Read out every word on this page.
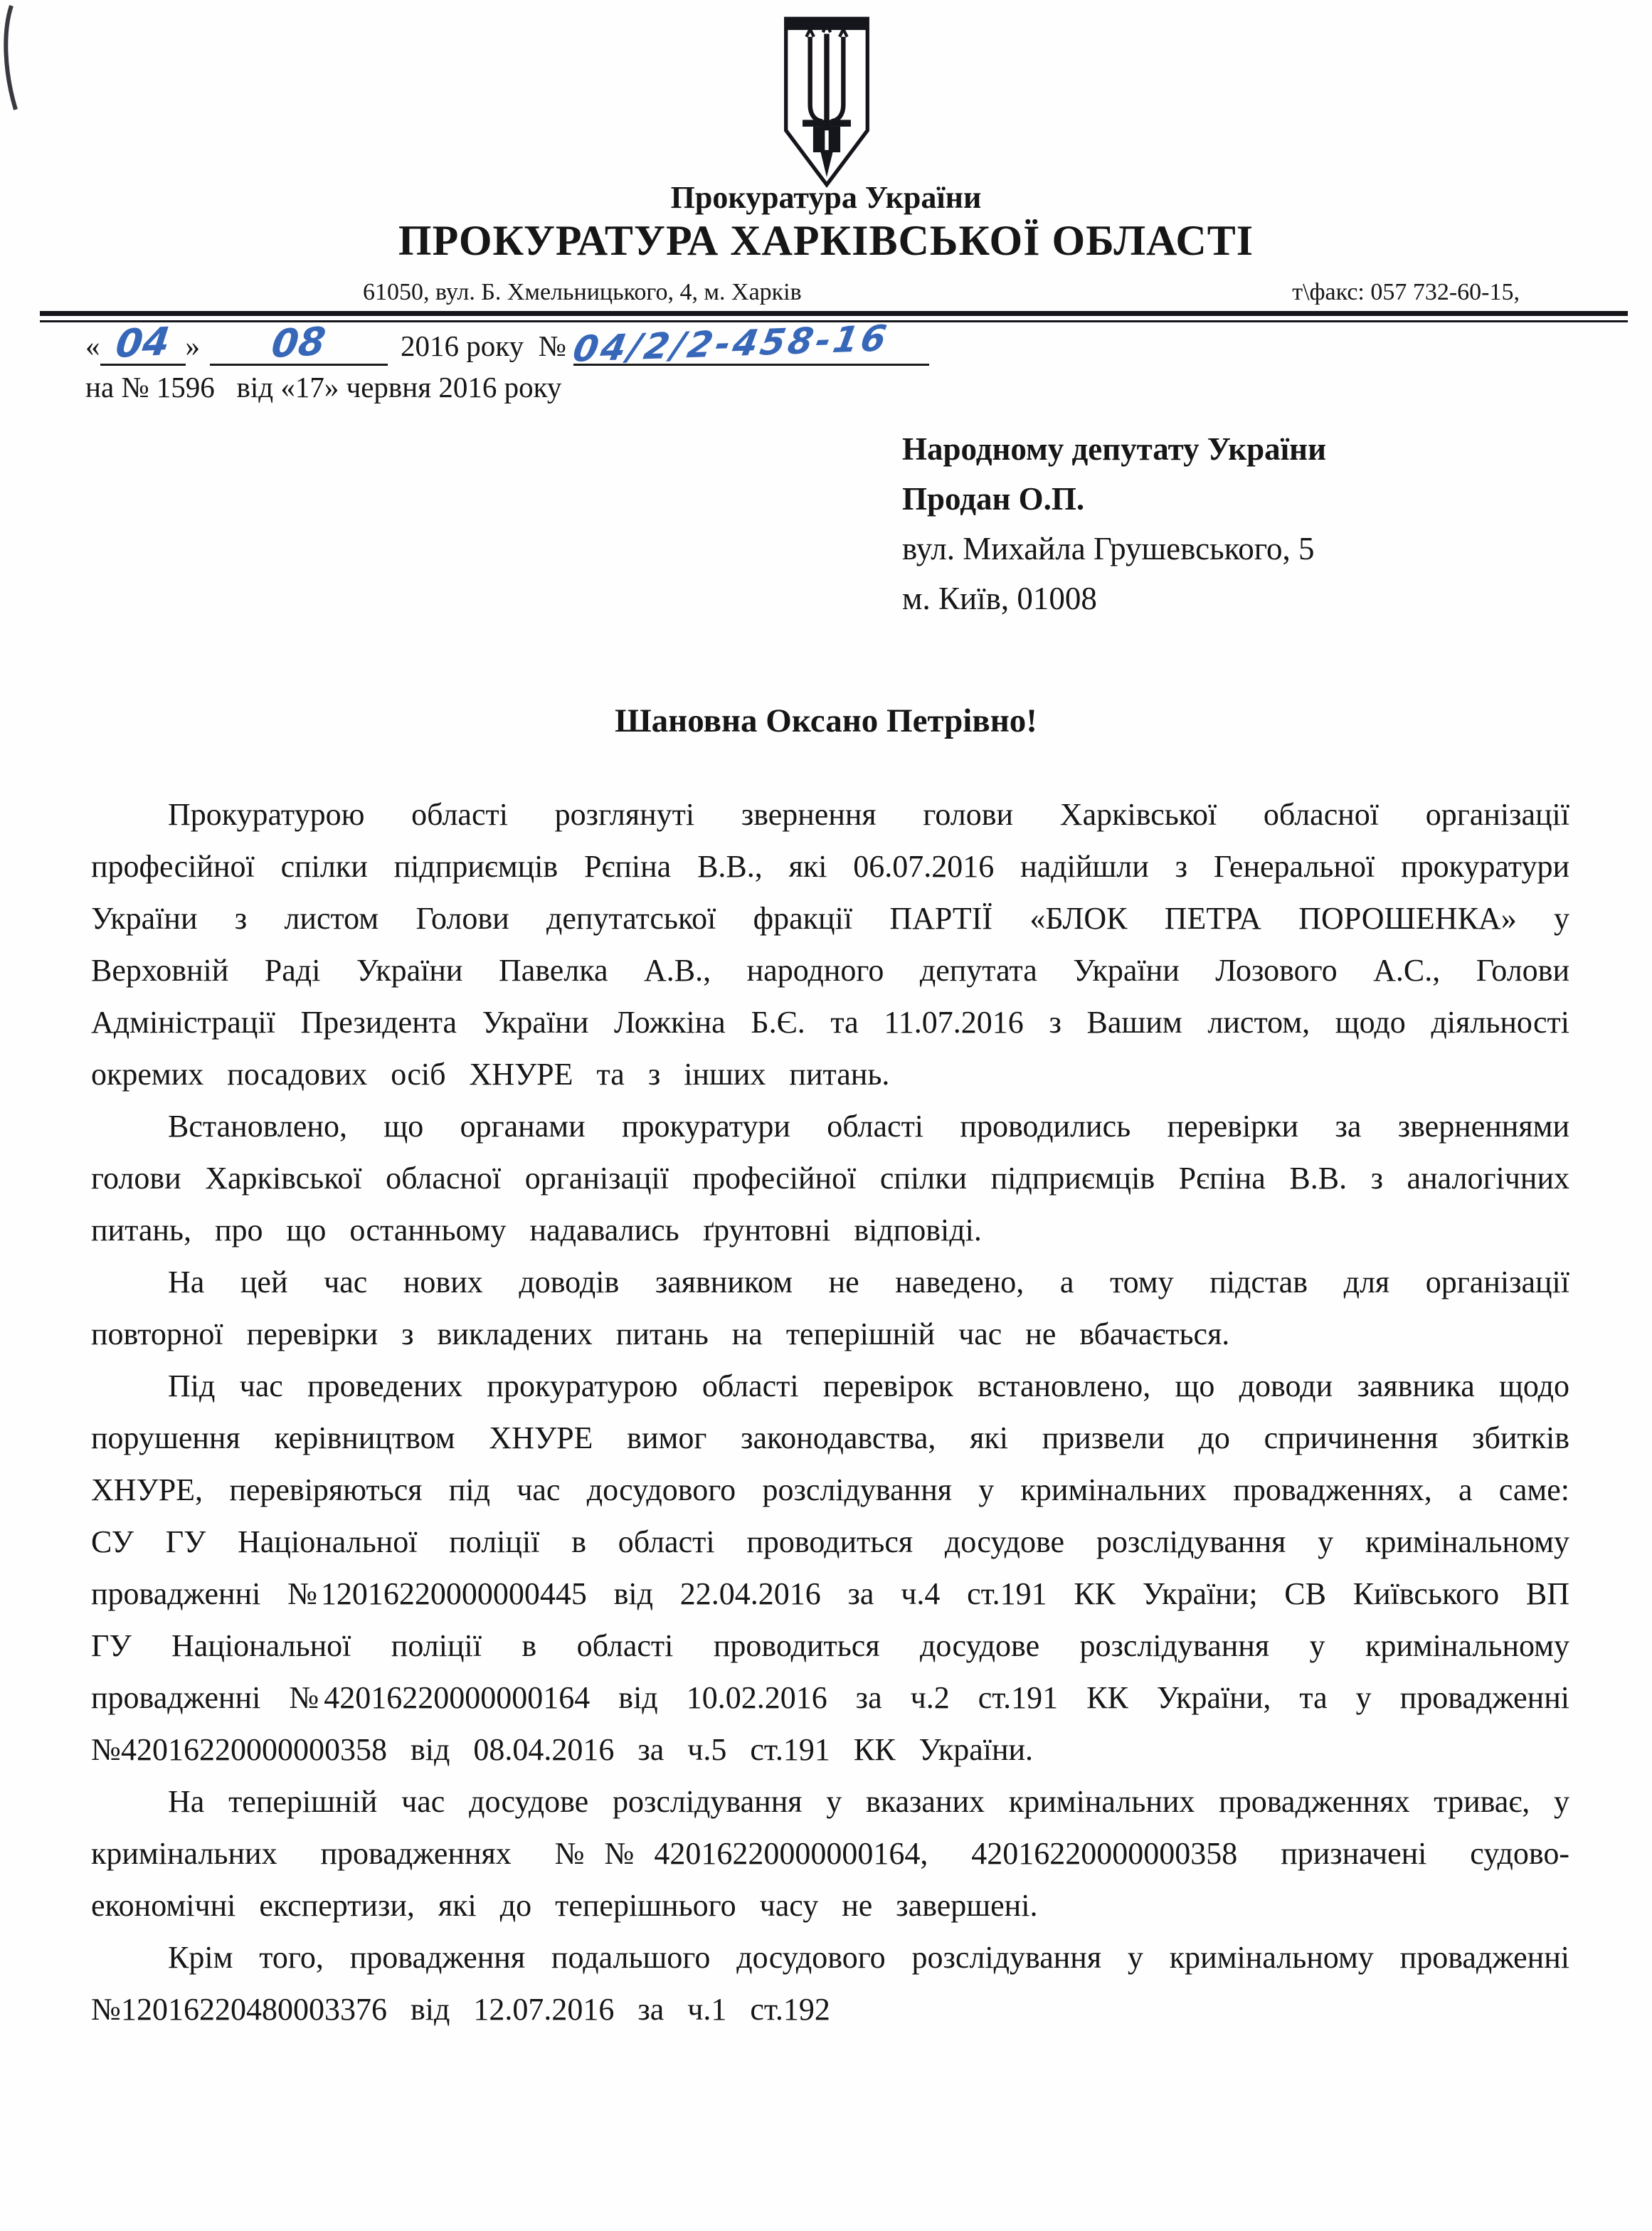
Прокуратура України
ПРОКУРАТУРА ХАРКІВСЬКОЇ ОБЛАСТІ
61050, вул. Б. Хмельницького, 4, м. Харків	т\факс: 057 732-60-15,
« 04 » 08 2016 року №04/2/2-458-16
на № 1596   від «17» червня 2016 року
Народному депутату України
Продан О.П.
вул. Михайла Грушевського, 5
м. Київ, 01008
Шановна Оксано Петрівно!

Прокуратурою області розглянуті звернення голови Харківської обласної організації професійної спілки підприємців Рєпіна В.В., які 06.07.2016 надійшли з Генеральної прокуратури України з листом Голови депутатської фракції ПАРТІЇ «БЛОК ПЕТРА ПОРОШЕНКА» у Верховній Раді України Павелка А.В., народного депутата України Лозового А.С., Голови Адміністрації Президента України Ложкіна Б.Є. та 11.07.2016 з Вашим листом, щодо діяльності окремих посадових осіб ХНУРЕ та з інших питань.

Встановлено, що органами прокуратури області проводились перевірки за зверненнями голови Харківської обласної організації професійної спілки підприємців Рєпіна В.В. з аналогічних питань, про що останньому надавались ґрунтовні відповіді.

На цей час нових доводів заявником не наведено, а тому підстав для організації повторної перевірки з викладених питань на теперішній час не вбачається.

Під час проведених прокуратурою області перевірок встановлено, що доводи заявника щодо порушення керівництвом ХНУРЕ вимог законодавства, які призвели до спричинення збитків ХНУРЕ, перевіряються під час досудового розслідування у кримінальних провадженнях, а саме: СУ ГУ Національної поліції в області проводиться досудове розслідування у кримінальному провадженні №12016220000000445 від 22.04.2016 за ч.4 ст.191 КК України; СВ Київського ВП ГУ Національної поліції в області проводиться досудове розслідування у кримінальному провадженні №42016220000000164 від 10.02.2016 за ч.2 ст.191 КК України, та у провадженні №42016220000000358 від 08.04.2016 за ч.5 ст.191 КК України.

На теперішній час досудове розслідування у вказаних кримінальних провадженнях триває, у кримінальних провадженнях №№42016220000000164, 42016220000000358 призначені судово-економічні експертизи, які до теперішнього часу не завершені.

Крім того, провадження подальшого досудового розслідування у кримінальному провадженні №12016220480003376 від 12.07.2016 за ч.1 ст.192
